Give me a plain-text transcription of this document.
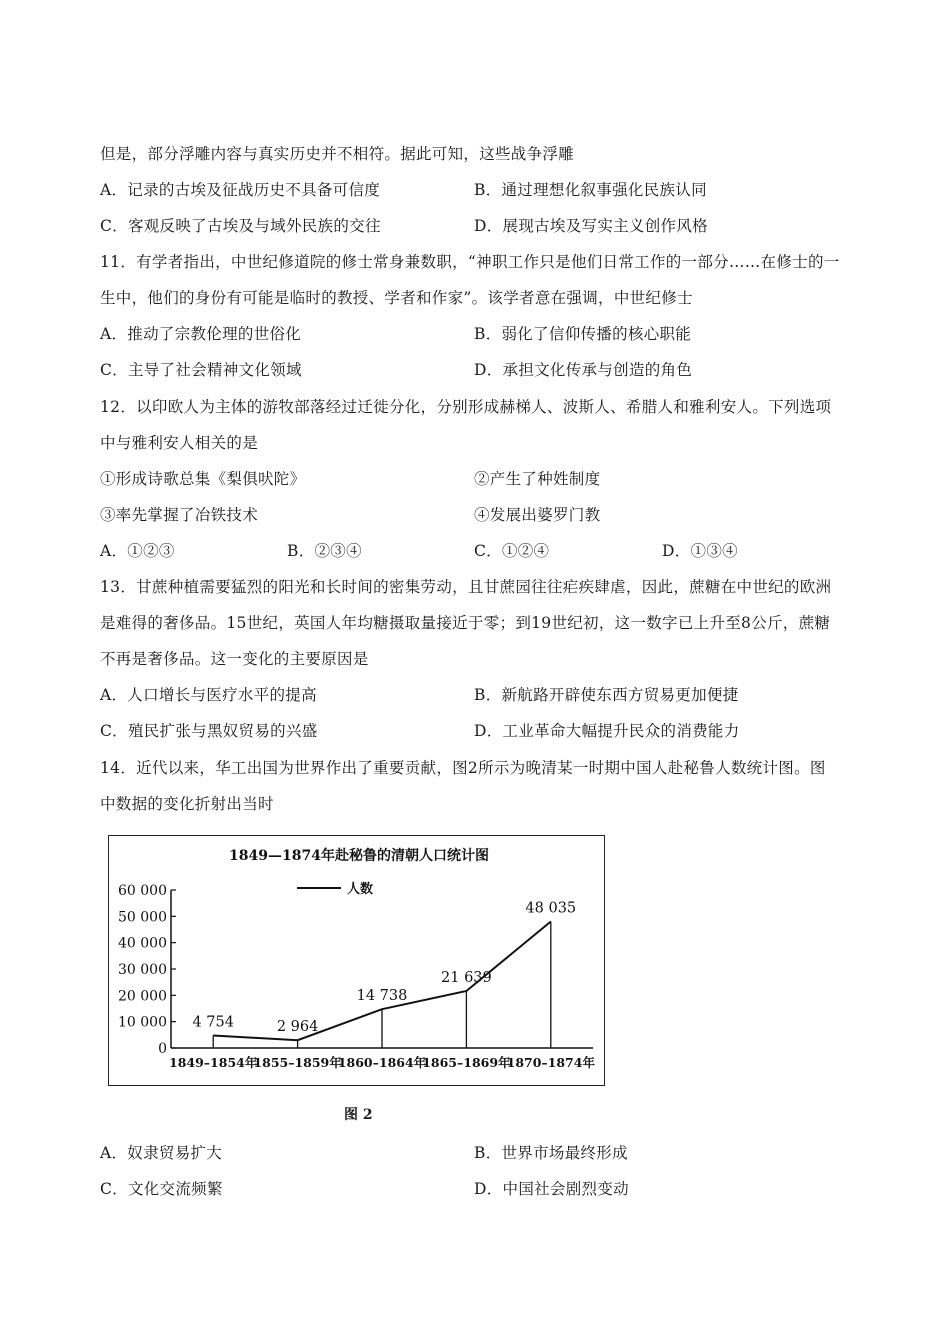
但是，部分浮雕内容与真实历史并不相符。据此可知，这些战争浮雕
A．记录的古埃及征战历史不具备可信度	B．通过理想化叙事强化民族认同
C．客观反映了古埃及与域外民族的交往	D．展现古埃及写实主义创作风格
11．有学者指出，中世纪修道院的修士常身兼数职，“神职工作只是他们日常工作的一部分……在修士的一
生中，他们的身份有可能是临时的教授、学者和作家”。该学者意在强调，中世纪修士
A．推动了宗教伦理的世俗化	B．弱化了信仰传播的核心职能
C．主导了社会精神文化领域	D．承担文化传承与创造的角色
12．以印欧人为主体的游牧部落经过迁徙分化，分别形成赫梯人、波斯人、希腊人和雅利安人。下列选项
中与雅利安人相关的是
①形成诗歌总集《梨俱吠陀》	②产生了种姓制度
③率先掌握了冶铁技术	④发展出婆罗门教
A．①②③	B．②③④	C．①②④	D．①③④
13．甘蔗种植需要猛烈的阳光和长时间的密集劳动，且甘蔗园往往疟疾肆虐，因此，蔗糖在中世纪的欧洲
是难得的奢侈品。15世纪，英国人年均糖摄取量接近于零；到19世纪初，这一数字已上升至8公斤，蔗糖
不再是奢侈品。这一变化的主要原因是
A．人口增长与医疗水平的提高	B．新航路开辟使东西方贸易更加便捷
C．殖民扩张与黑奴贸易的兴盛	D．工业革命大幅提升民众的消费能力
14．近代以来，华工出国为世界作出了重要贡献，图2所示为晚清某一时期中国人赴秘鲁人数统计图。图
中数据的变化折射出当时
1849—1874年赴秘鲁的清朝人口统计图
人数
0
10 000
20 000
30 000
40 000
50 000
60 000
1849–1854年
1855–1859年
1860–1864年
1865–1869年
1870–1874年
4 754	2 964
14 738
21 639
48 035
图 2
A．奴隶贸易扩大	B．世界市场最终形成
C．文化交流频繁	D．中国社会剧烈变动
